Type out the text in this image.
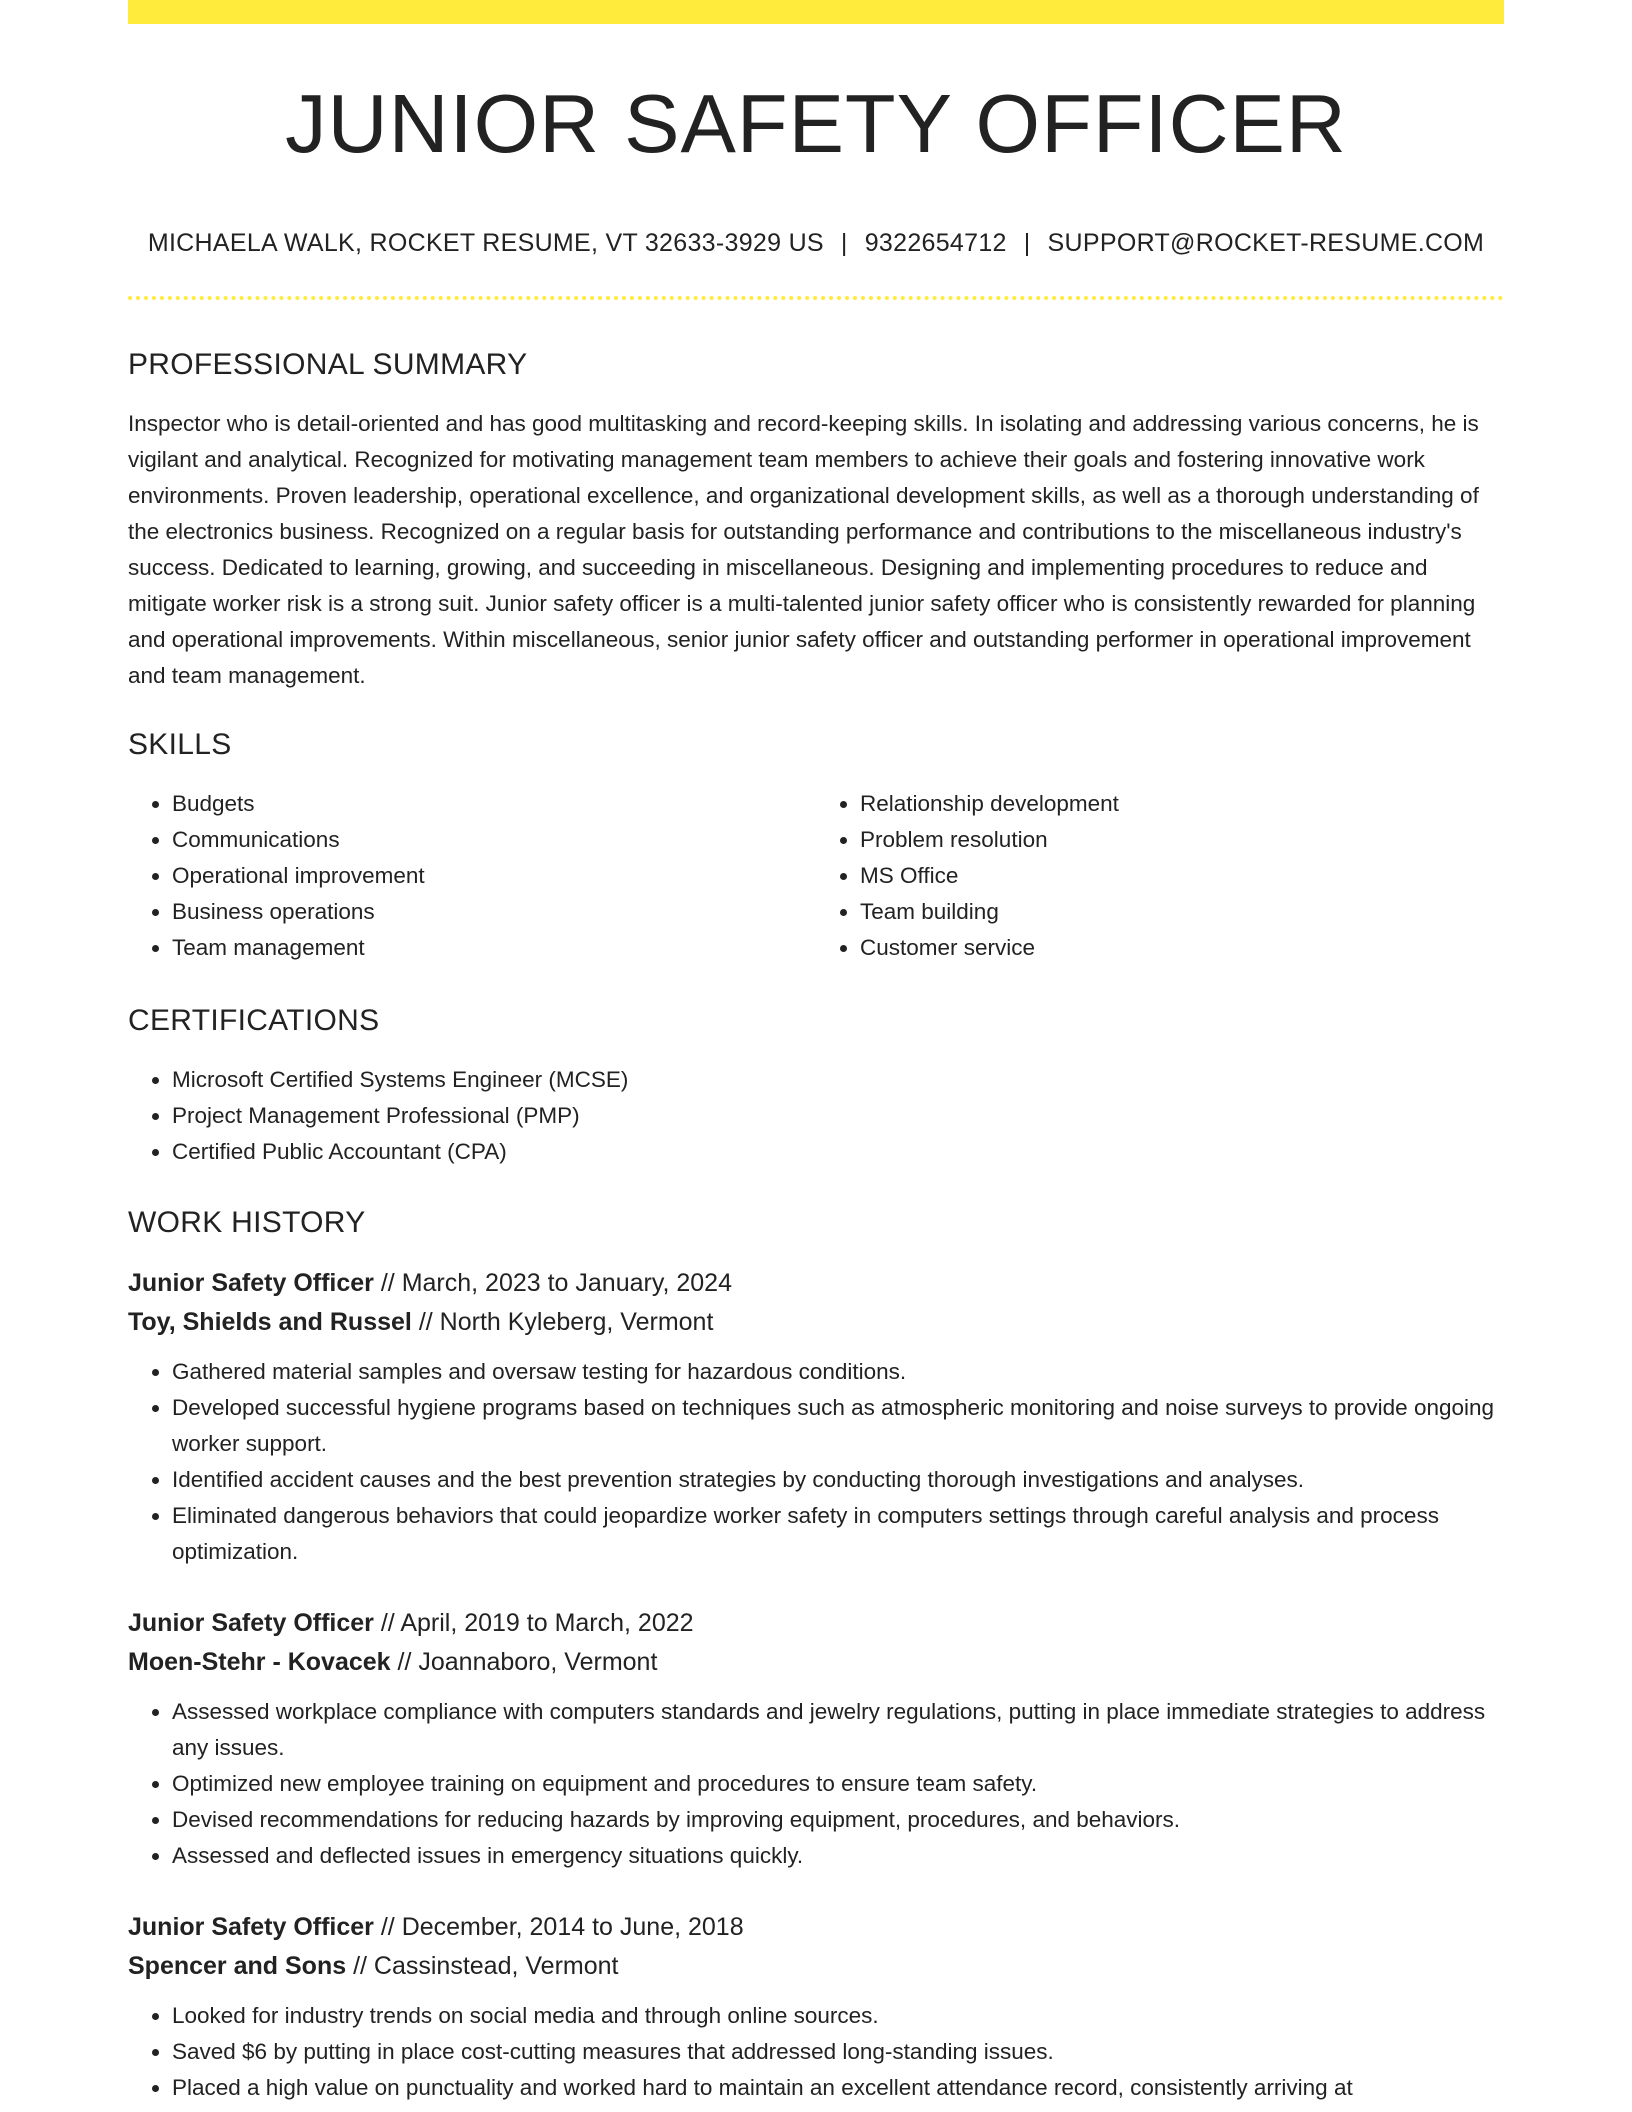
JUNIOR SAFETY OFFICER
MICHAELA WALK, ROCKET RESUME, VT 32633-3929 US | 9322654712 | SUPPORT@ROCKET-RESUME.COM
PROFESSIONAL SUMMARY

Inspector who is detail-oriented and has good multitasking and record-keeping skills. In isolating and addressing various concerns, he is vigilant and analytical. Recognized for motivating management team members to achieve their goals and fostering innovative work environments. Proven leadership, operational excellence, and organizational development skills, as well as a thorough understanding of the electronics business. Recognized on a regular basis for outstanding performance and contributions to the miscellaneous industry's success. Dedicated to learning, growing, and succeeding in miscellaneous. Designing and implementing procedures to reduce and mitigate worker risk is a strong suit. Junior safety officer is a multi-talented junior safety officer who is consistently rewarded for planning and operational improvements. Within miscellaneous, senior junior safety officer and outstanding performer in operational improvement and team management.

SKILLS
• Budgets
• Communications
• Operational improvement
• Business operations
• Team management
• Relationship development
• Problem resolution
• MS Office
• Team building
• Customer service
CERTIFICATIONS
• Microsoft Certified Systems Engineer (MCSE)
• Project Management Professional (PMP)
• Certified Public Accountant (CPA)
WORK HISTORY
Junior Safety Officer // March, 2023 to January, 2024
Toy, Shields and Russel // North Kyleberg, Vermont
• Gathered material samples and oversaw testing for hazardous conditions.
• Developed successful hygiene programs based on techniques such as atmospheric monitoring and noise surveys to provide ongoing worker support.
• Identified accident causes and the best prevention strategies by conducting thorough investigations and analyses.
• Eliminated dangerous behaviors that could jeopardize worker safety in computers settings through careful analysis and process optimization.
Junior Safety Officer // April, 2019 to March, 2022
Moen-Stehr - Kovacek // Joannaboro, Vermont
• Assessed workplace compliance with computers standards and jewelry regulations, putting in place immediate strategies to address any issues.
• Optimized new employee training on equipment and procedures to ensure team safety.
• Devised recommendations for reducing hazards by improving equipment, procedures, and behaviors.
• Assessed and deflected issues in emergency situations quickly.
Junior Safety Officer // December, 2014 to June, 2018
Spencer and Sons // Cassinstead, Vermont
• Looked for industry trends on social media and through online sources.
• Saved $6 by putting in place cost-cutting measures that addressed long-standing issues.
• Placed a high value on punctuality and worked hard to maintain an excellent attendance record, consistently arriving at
